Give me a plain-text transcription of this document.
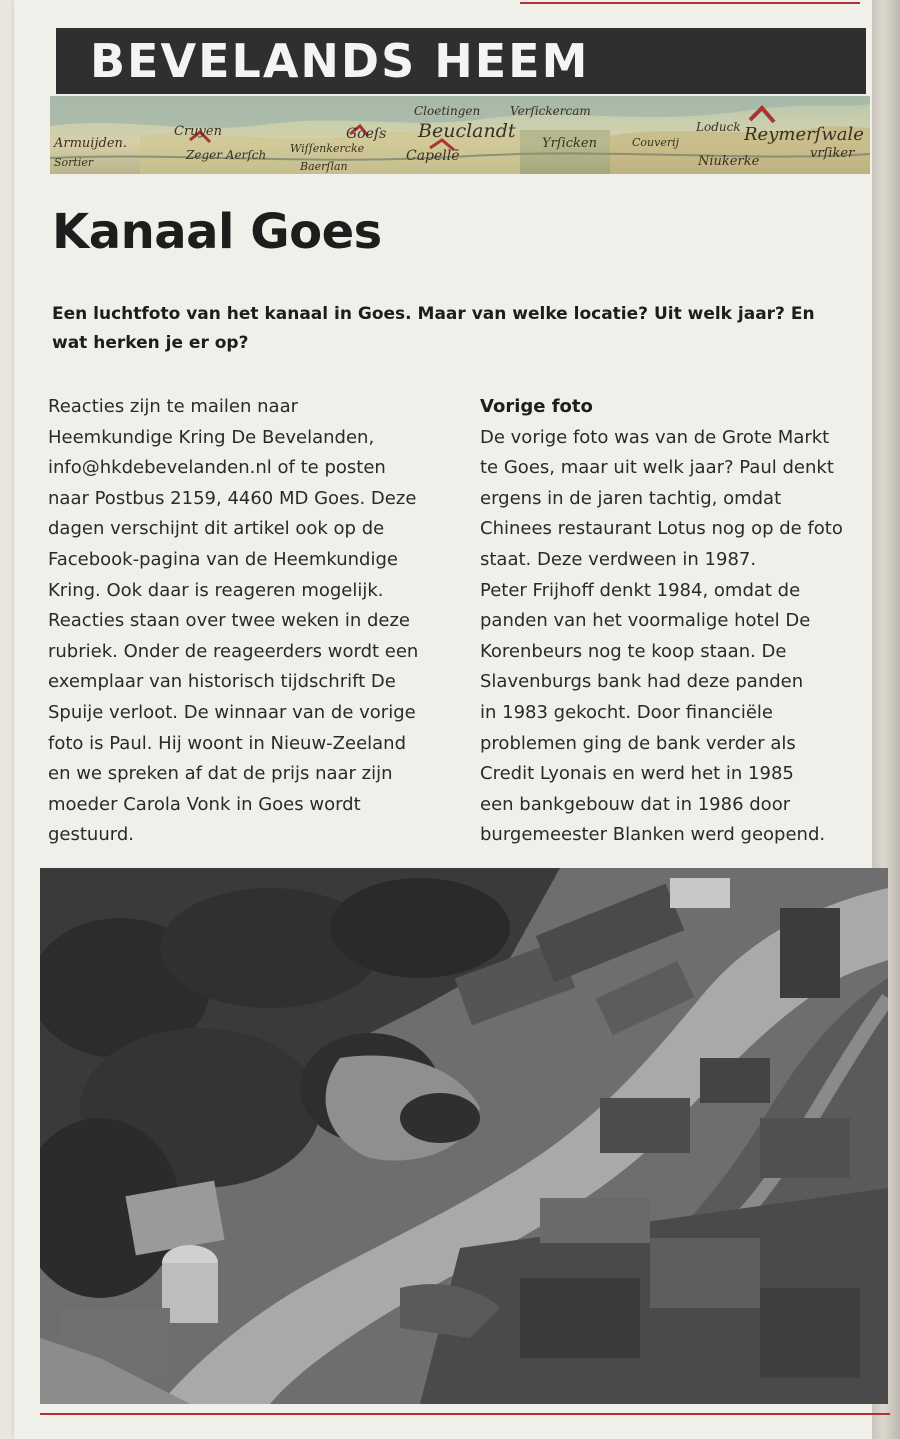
BEVELANDS HEEM
Armuijden.
Sortier
Cruyen
Zeger Aerſch
Goeſs
Wiſſenkercke
Baerſlan
Cloetingen
Beuclandt
Capellē
Verſickercam
Yrſicken	Couverij
Loduck Reymerſwale
vrſiker
Niukerke
Kanaal Goes
Een luchtfoto van het kanaal in Goes. Maar van welke locatie? Uit welk jaar? En
wat herken je er op?
Reacties zijn te mailen naar
Heemkundige Kring De Bevelanden,
info@hkdebevelanden.nl of te posten
naar Postbus 2159, 4460 MD Goes. Deze
dagen verschijnt dit artikel ook op de
Facebook-pagina van de Heemkundige
Kring. Ook daar is reageren mogelijk.
Reacties staan over twee weken in deze
rubriek. Onder de reageerders wordt een
exemplaar van historisch tijdschrift De
Spuije verloot. De winnaar van de vorige
foto is Paul. Hij woont in Nieuw-Zeeland
en we spreken af dat de prijs naar zijn
moeder Carola Vonk in Goes wordt
gestuurd.
Vorige foto
De vorige foto was van de Grote Markt
te Goes, maar uit welk jaar? Paul denkt
ergens in de jaren tachtig, omdat
Chinees restaurant Lotus nog op de foto
staat. Deze verdween in 1987.
Peter Frijhoff denkt 1984, omdat de
panden van het voormalige hotel De
Korenbeurs nog te koop staan. De
Slavenburgs bank had deze panden
in 1983 gekocht. Door financiële
problemen ging de bank verder als
Credit Lyonais en werd het in 1985
een bankgebouw dat in 1986 door
burgemeester Blanken werd geopend.
